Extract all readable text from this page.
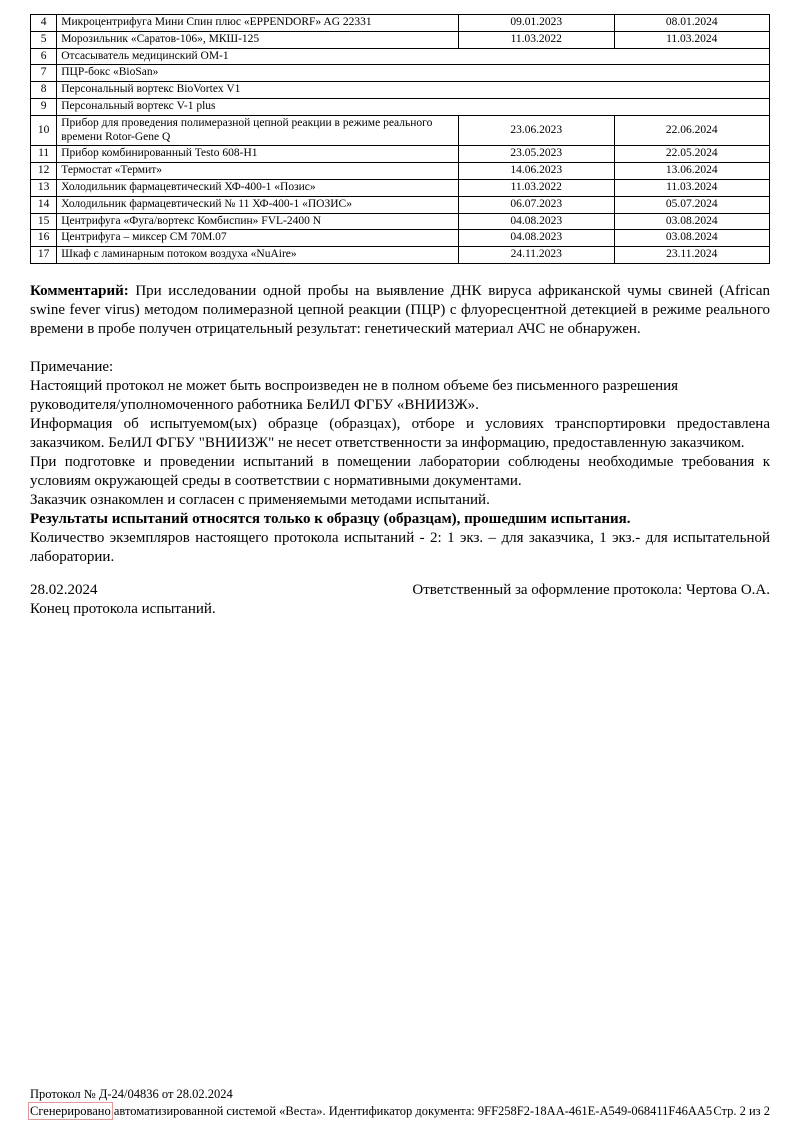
4	Микроцентрифуга Мини Спин плюс «EPPENDORF» AG 22331	09.01.2023	08.01.2024
5	Морозильник «Саратов-106», МКШ-125	11.03.2022	11.03.2024
6	Отсасыватель медицинский ОМ-1		
7	ПЦР-бокс «BioSan»		
8	Персональный вортекс BioVortex V1		
9	Персональный вортекс V-1 plus		
10	Прибор для проведения полимеразной цепной реакции в режиме реального времени Rotor-Gene Q	23.06.2023	22.06.2024
11	Прибор комбинированный Testo 608-Н1	23.05.2023	22.05.2024
12	Термостат «Термит»	14.06.2023	13.06.2024
13	Холодильник фармацевтический ХФ-400-1 «Позис»	11.03.2022	11.03.2024
14	Холодильник фармацевтический № 11 ХФ-400-1 «ПОЗИС»	06.07.2023	05.07.2024
15	Центрифуга «Фуга/вортекс Комбиспин» FVL-2400 N	04.08.2023	03.08.2024
16	Центрифуга – миксер СМ 70М.07	04.08.2023	03.08.2024
17	Шкаф с ламинарным потоком воздуха «NuAire»	24.11.2023	23.11.2024

Комментарий: При исследовании одной пробы на выявление ДНК вируса африканской чумы свиней (African swine fever virus) методом полимеразной цепной реакции (ПЦР) с флуоресцентной детекцией в режиме реального времени в пробе получен отрицательный результат: генетический материал АЧС не обнаружен.

Примечание:

Настоящий протокол не может быть воспроизведен не в полном объеме без письменного разрешения руководителя/уполномоченного работника БелИЛ ФГБУ «ВНИИЗЖ».

Информация об испытуемом(ых) образце (образцах), отборе и условиях транспортировки предоставлена заказчиком. БелИЛ ФГБУ "ВНИИЗЖ" не несет ответственности за информацию, предоставленную заказчиком.

При подготовке и проведении испытаний в помещении лаборатории соблюдены необходимые требования к условиям окружающей среды в соответствии с нормативными документами.

Заказчик ознакомлен и согласен с применяемыми методами испытаний.

Результаты испытаний относятся только к образцу (образцам), прошедшим испытания.

Количество экземпляров настоящего протокола испытаний - 2: 1 экз. – для заказчика, 1 экз.- для испытательной лаборатории.

28.02.2024	Ответственный за оформление протокола: Чертова О.А.

Конец протокола испытаний.

Протокол № Д-24/04836 от 28.02.2024
Сгенерировано автоматизированной системой «Веста». Идентификатор документа: 9FF258F2-18AA-461E-A549-068411F46AA5 Стр. 2 из 2
